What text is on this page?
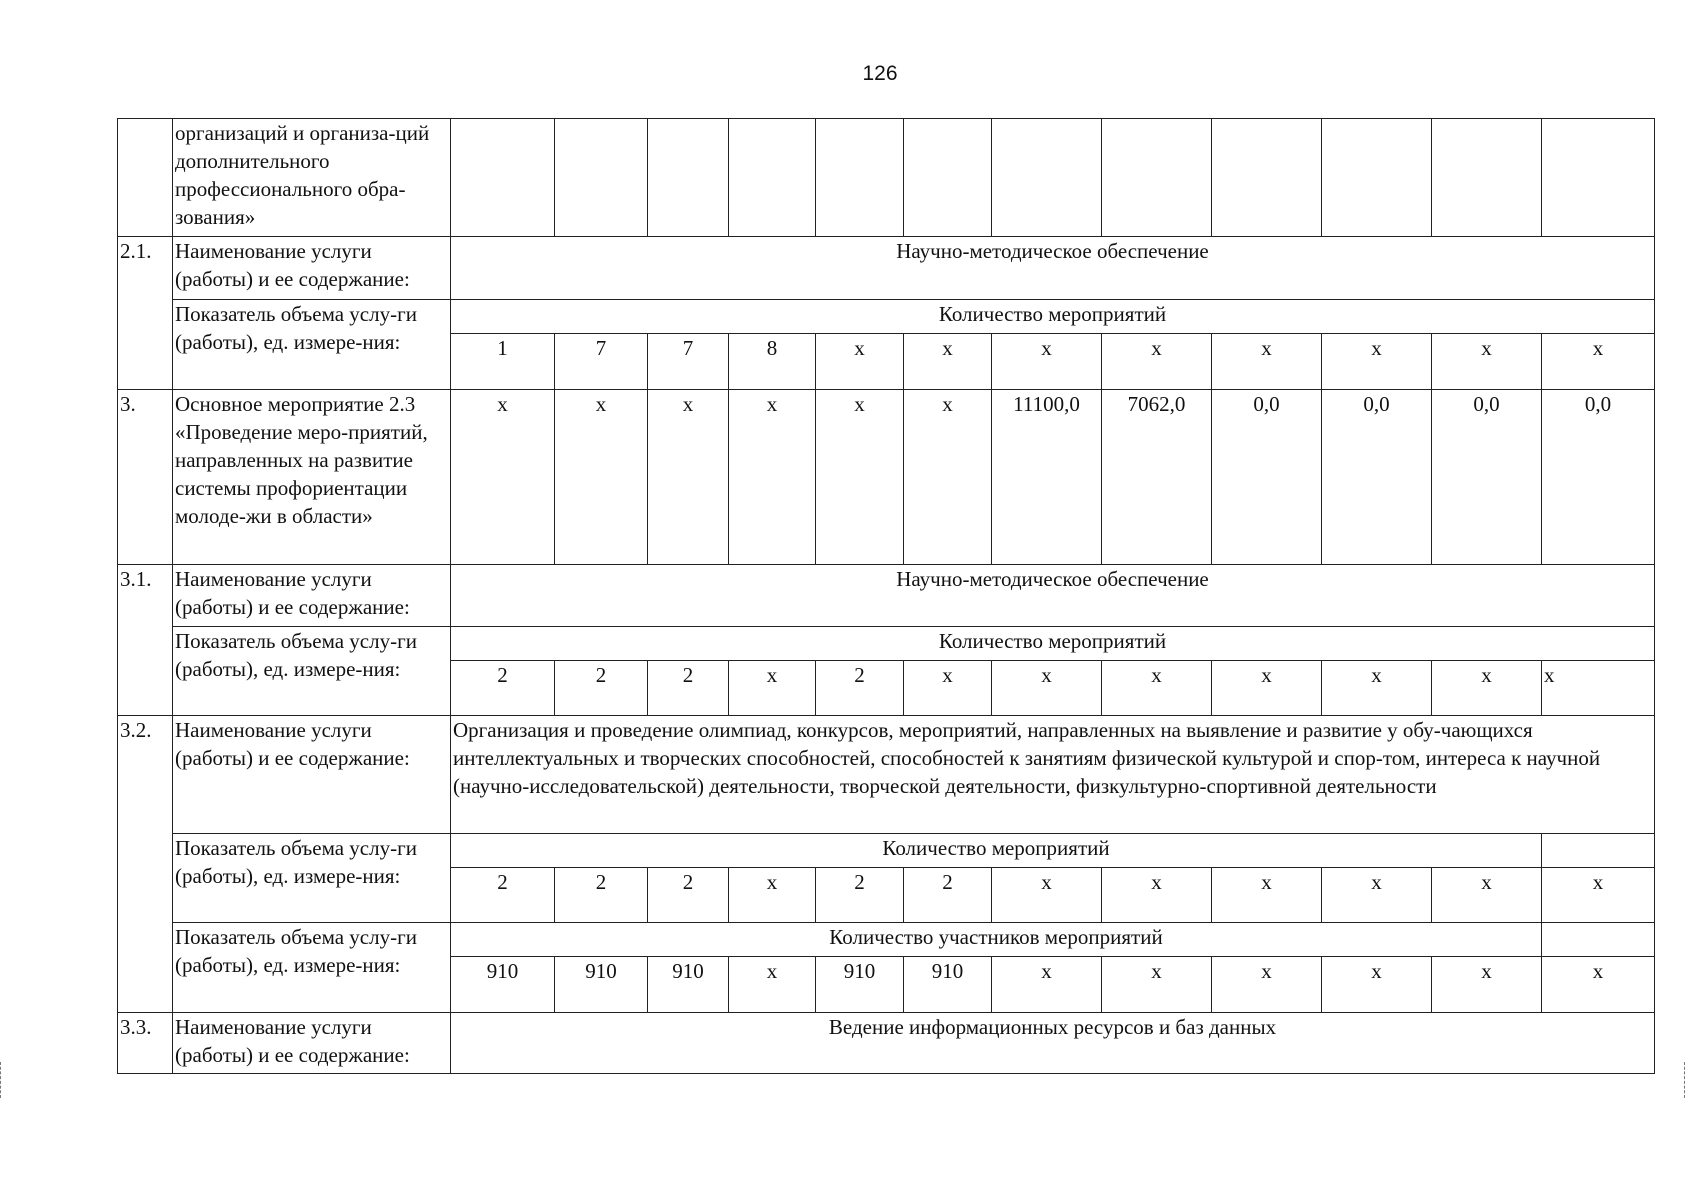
126
	организаций и организа-ций дополнительного профессионального обра-зования»												
2.1.	Наименование услуги (работы) и ее содержание:	Научно-методическое обеспечение											
	Показатель объема услу-ги (работы), ед. измере-ния:	Количество мероприятий											
		1	7	7	8	х	х	х	х	х	х	х	х
3.	Основное мероприятие 2.3 «Проведение меро-приятий, направленных на развитие системы профориентации молоде-жи в области»	х	х	х	х	х	х	11100,0	7062,0	0,0	0,0	0,0	0,0
3.1.	Наименование услуги (работы) и ее содержание:	Научно-методическое обеспечение											
	Показатель объема услу-ги (работы), ед. измере-ния:	Количество мероприятий											
		2	2	2	х	2	х	х	х	х	х	х	х
3.2.	Наименование услуги (работы) и ее содержание:	Организация и проведение олимпиад, конкурсов, мероприятий, направленных на выявление и развитие у обу-чающихся интеллектуальных и творческих способностей, способностей к занятиям физической культурой и спор-том, интереса к научной (научно-исследовательской) деятельности, творческой деятельности, физкультурно-спортивной деятельности											
	Показатель объема услу-ги (работы), ед. измере-ния:	Количество мероприятий											
		2	2	2	х	2	2	х	х	х	х	х	х
	Показатель объема услу-ги (работы), ед. измере-ния:	Количество участников мероприятий											
		910	910	910	х	910	910	х	х	х	х	х	х
3.3.	Наименование услуги (работы) и ее содержание:	Ведение информационных ресурсов и баз данных											
